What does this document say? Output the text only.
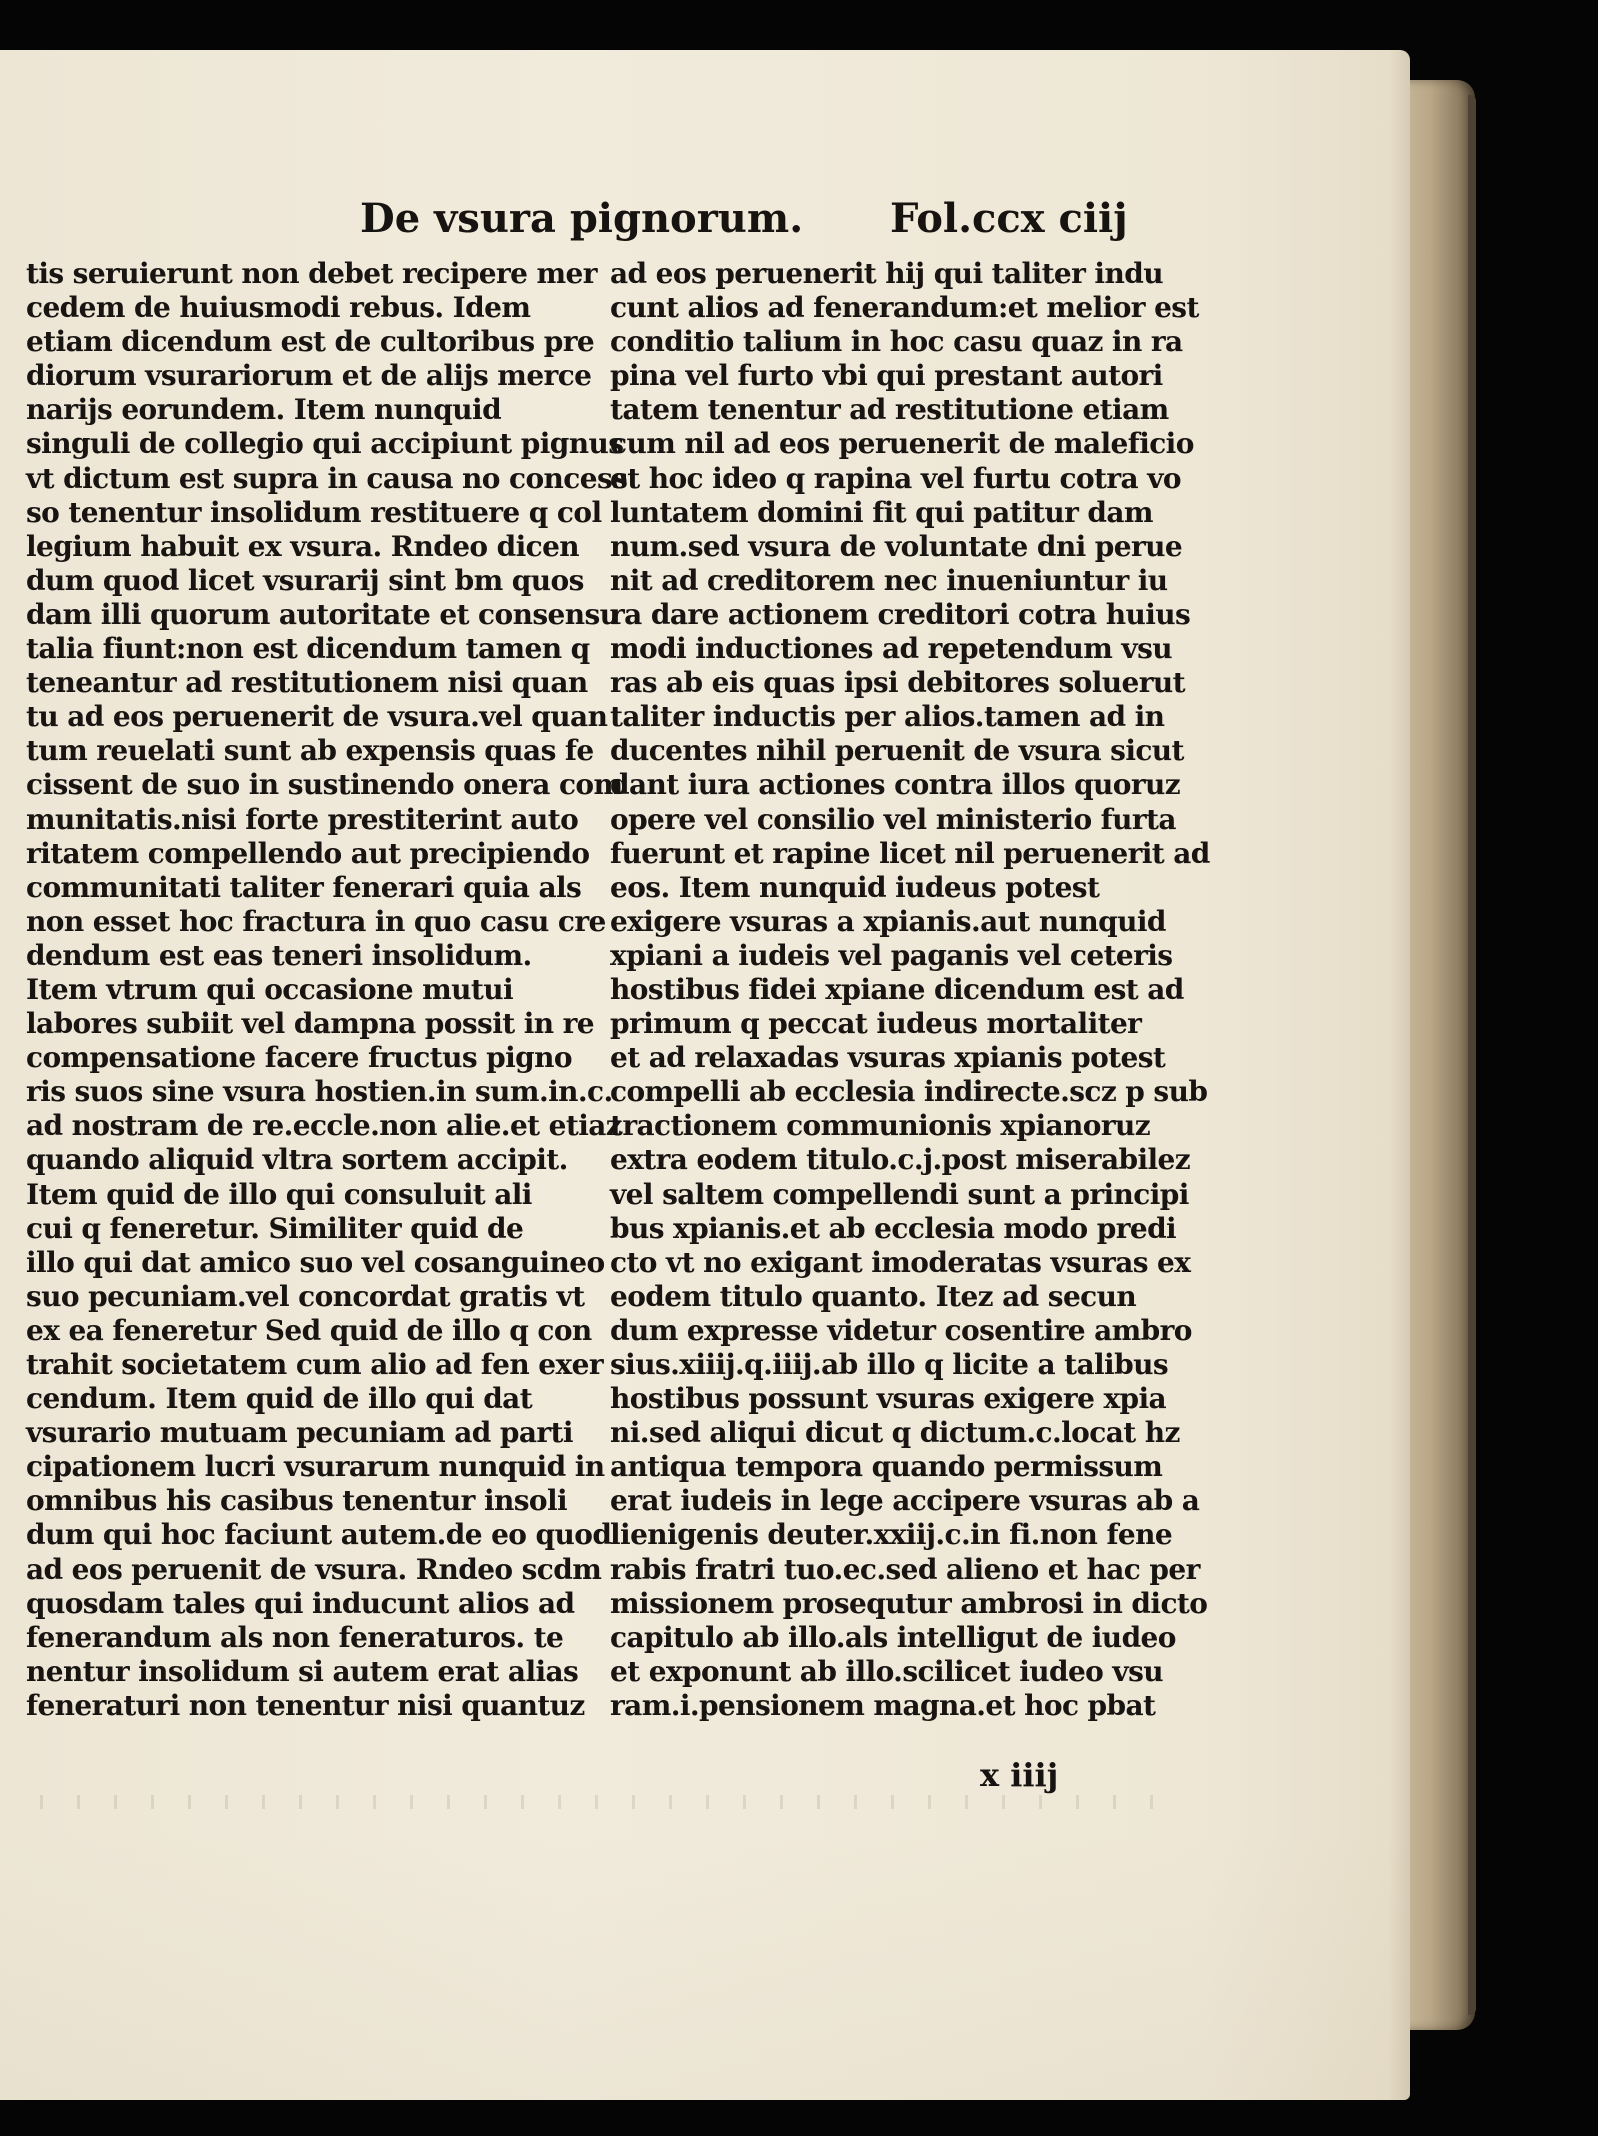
De vsura pignorum. Fol.ccx ciij
tis seruierunt non debet recipere mer
cedem de huiusmodi rebus. Idem
etiam dicendum est de cultoribus pre
diorum vsurariorum et de alijs merce
narijs eorundem. Item nunquid
singuli de collegio qui accipiunt pignus
vt dictum est supra in causa no concess
so tenentur insolidum restituere q col
legium habuit ex vsura. Rndeo dicen
dum quod licet vsurarij sint bm quos
dam illi quorum autoritate et consensu
talia fiunt:non est dicendum tamen q
teneantur ad restitutionem nisi quan
tu ad eos peruenerit de vsura.vel quan
tum reuelati sunt ab expensis quas fe
cissent de suo in sustinendo onera com
munitatis.nisi forte prestiterint auto
ritatem compellendo aut precipiendo
communitati taliter fenerari quia als
non esset hoc fractura in quo casu cre
dendum est eas teneri insolidum.
Item vtrum qui occasione mutui
labores subiit vel dampna possit in re
compensatione facere fructus pigno
ris suos sine vsura hostien.in sum.in.c.
ad nostram de re.eccle.non alie.et etiaz
quando aliquid vltra sortem accipit.
Item quid de illo qui consuluit ali
cui q feneretur. Similiter quid de
illo qui dat amico suo vel cosanguineo
suo pecuniam.vel concordat gratis vt
ex ea feneretur Sed quid de illo q con
trahit societatem cum alio ad fen exer
cendum. Item quid de illo qui dat
vsurario mutuam pecuniam ad parti
cipationem lucri vsurarum nunquid in
omnibus his casibus tenentur insoli
dum qui hoc faciunt autem.de eo quod
ad eos peruenit de vsura. Rndeo scdm
quosdam tales qui inducunt alios ad
fenerandum als non feneraturos. te
nentur insolidum si autem erat alias
feneraturi non tenentur nisi quantuz
ad eos peruenerit hij qui taliter indu
cunt alios ad fenerandum:et melior est
conditio talium in hoc casu quaz in ra
pina vel furto vbi qui prestant autori
tatem tenentur ad restitutione etiam
cum nil ad eos peruenerit de maleficio
et hoc ideo q rapina vel furtu cotra vo
luntatem domini fit qui patitur dam
num.sed vsura de voluntate dni perue
nit ad creditorem nec inueniuntur iu
ra dare actionem creditori cotra huius
modi inductiones ad repetendum vsu
ras ab eis quas ipsi debitores soluerut
taliter inductis per alios.tamen ad in
ducentes nihil peruenit de vsura sicut
dant iura actiones contra illos quoruz
opere vel consilio vel ministerio furta
fuerunt et rapine licet nil peruenerit ad
eos. Item nunquid iudeus potest
exigere vsuras a xpianis.aut nunquid
xpiani a iudeis vel paganis vel ceteris
hostibus fidei xpiane dicendum est ad
primum q peccat iudeus mortaliter
et ad relaxadas vsuras xpianis potest
compelli ab ecclesia indirecte.scz p sub
tractionem communionis xpianoruz
extra eodem titulo.c.j.post miserabilez
vel saltem compellendi sunt a principi
bus xpianis.et ab ecclesia modo predi
cto vt no exigant imoderatas vsuras ex
eodem titulo quanto. Itez ad secun
dum expresse videtur cosentire ambro
sius.xiiij.q.iiij.ab illo q licite a talibus
hostibus possunt vsuras exigere xpia
ni.sed aliqui dicut q dictum.c.locat hz
antiqua tempora quando permissum
erat iudeis in lege accipere vsuras ab a
lienigenis deuter.xxiij.c.in fi.non fene
rabis fratri tuo.ec.sed alieno et hac per
missionem prosequtur ambrosi in dicto
capitulo ab illo.als intelligut de iudeo
et exponunt ab illo.scilicet iudeo vsu
ram.i.pensionem magna.et hoc pbat
x iiij
